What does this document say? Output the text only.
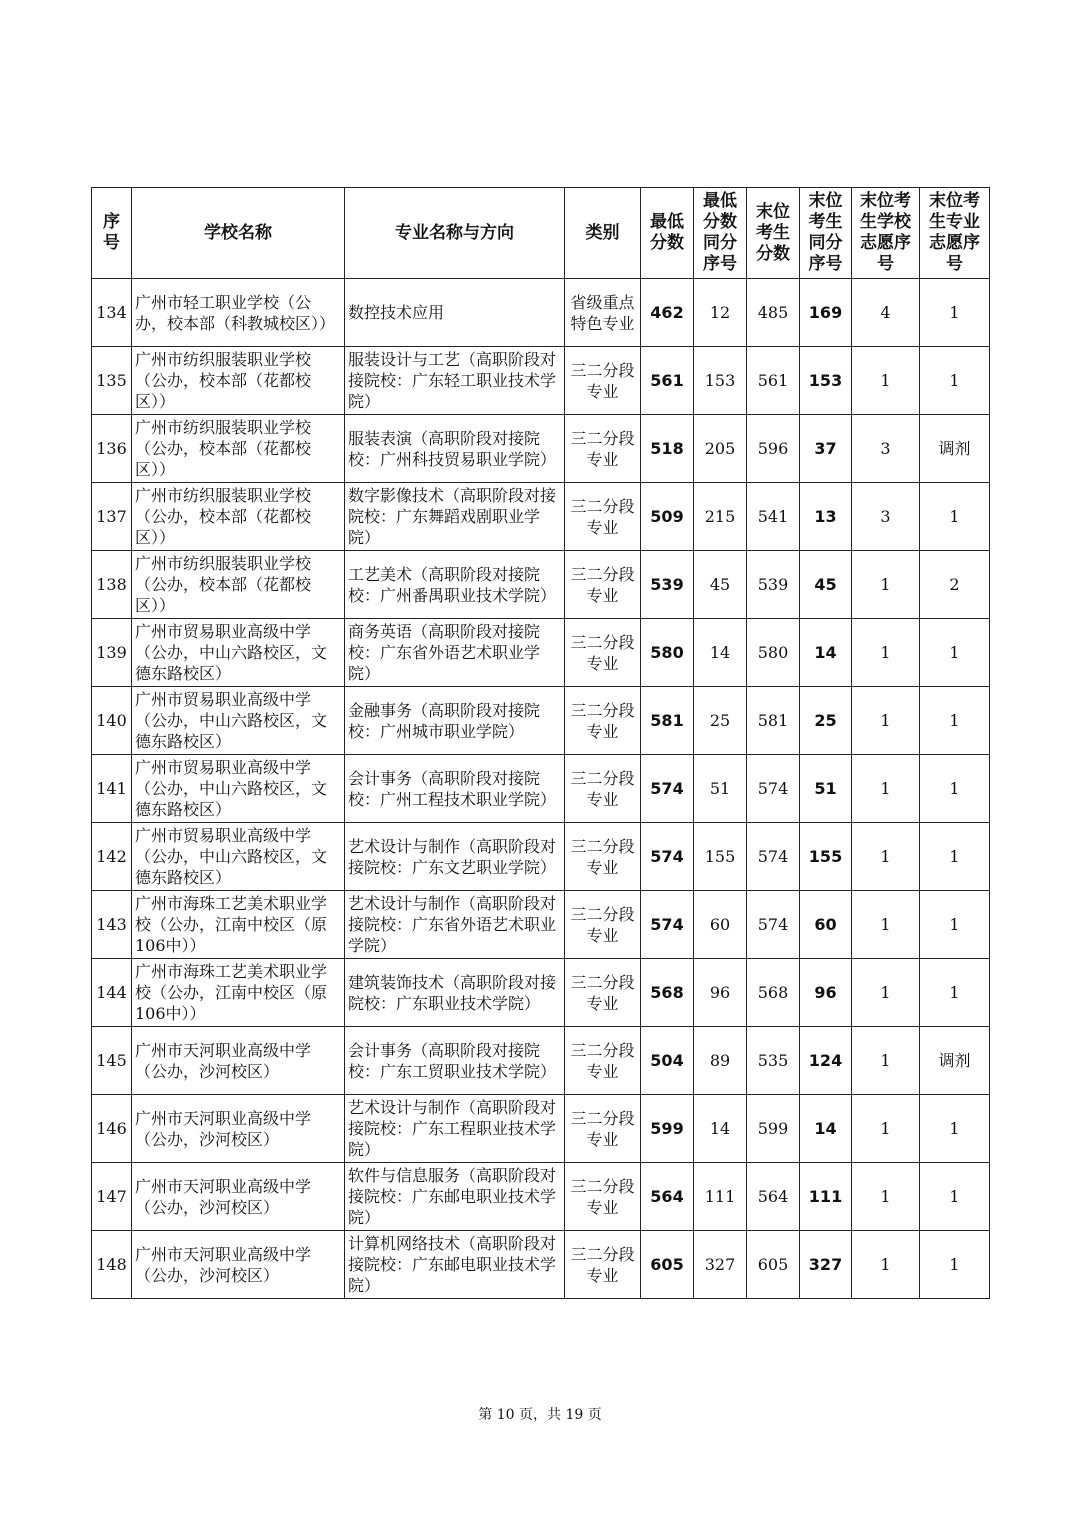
序号	学校名称	专业名称与方向	类别	最低分数	最低分数同分序号	末位考生分数	末位考生同分序号	末位考生学校志愿序号	末位考生专业志愿序号
134	广州市轻工职业学校（公办，校本部（科教城校区））	数控技术应用	省级重点特色专业	462	12	485	169	4	1
135	广州市纺织服装职业学校（公办，校本部（花都校区））	服装设计与工艺（高职阶段对接院校：广东轻工职业技术学院）	三二分段专业	561	153	561	153	1	1
136	广州市纺织服装职业学校（公办，校本部（花都校区））	服装表演（高职阶段对接院校：广州科技贸易职业学院）	三二分段专业	518	205	596	37	3	调剂
137	广州市纺织服装职业学校（公办，校本部（花都校区））	数字影像技术（高职阶段对接院校：广东舞蹈戏剧职业学院）	三二分段专业	509	215	541	13	3	1
138	广州市纺织服装职业学校（公办，校本部（花都校区））	工艺美术（高职阶段对接院校：广州番禺职业技术学院）	三二分段专业	539	45	539	45	1	2
139	广州市贸易职业高级中学（公办，中山六路校区，文德东路校区）	商务英语（高职阶段对接院校：广东省外语艺术职业学院）	三二分段专业	580	14	580	14	1	1
140	广州市贸易职业高级中学（公办，中山六路校区，文德东路校区）	金融事务（高职阶段对接院校：广州城市职业学院）	三二分段专业	581	25	581	25	1	1
141	广州市贸易职业高级中学（公办，中山六路校区，文德东路校区）	会计事务（高职阶段对接院校：广州工程技术职业学院）	三二分段专业	574	51	574	51	1	1
142	广州市贸易职业高级中学（公办，中山六路校区，文德东路校区）	艺术设计与制作（高职阶段对接院校：广东文艺职业学院）	三二分段专业	574	155	574	155	1	1
143	广州市海珠工艺美术职业学校（公办，江南中校区（原106中））	艺术设计与制作（高职阶段对接院校：广东省外语艺术职业学院）	三二分段专业	574	60	574	60	1	1
144	广州市海珠工艺美术职业学校（公办，江南中校区（原106中））	建筑装饰技术（高职阶段对接院校：广东职业技术学院）	三二分段专业	568	96	568	96	1	1
145	广州市天河职业高级中学（公办，沙河校区）	会计事务（高职阶段对接院校：广东工贸职业技术学院）	三二分段专业	504	89	535	124	1	调剂
146	广州市天河职业高级中学（公办，沙河校区）	艺术设计与制作（高职阶段对接院校：广东工程职业技术学院）	三二分段专业	599	14	599	14	1	1
147	广州市天河职业高级中学（公办，沙河校区）	软件与信息服务（高职阶段对接院校：广东邮电职业技术学院）	三二分段专业	564	111	564	111	1	1
148	广州市天河职业高级中学（公办，沙河校区）	计算机网络技术（高职阶段对接院校：广东邮电职业技术学院）	三二分段专业	605	327	605	327	1	1
第 10 页，共 19 页
